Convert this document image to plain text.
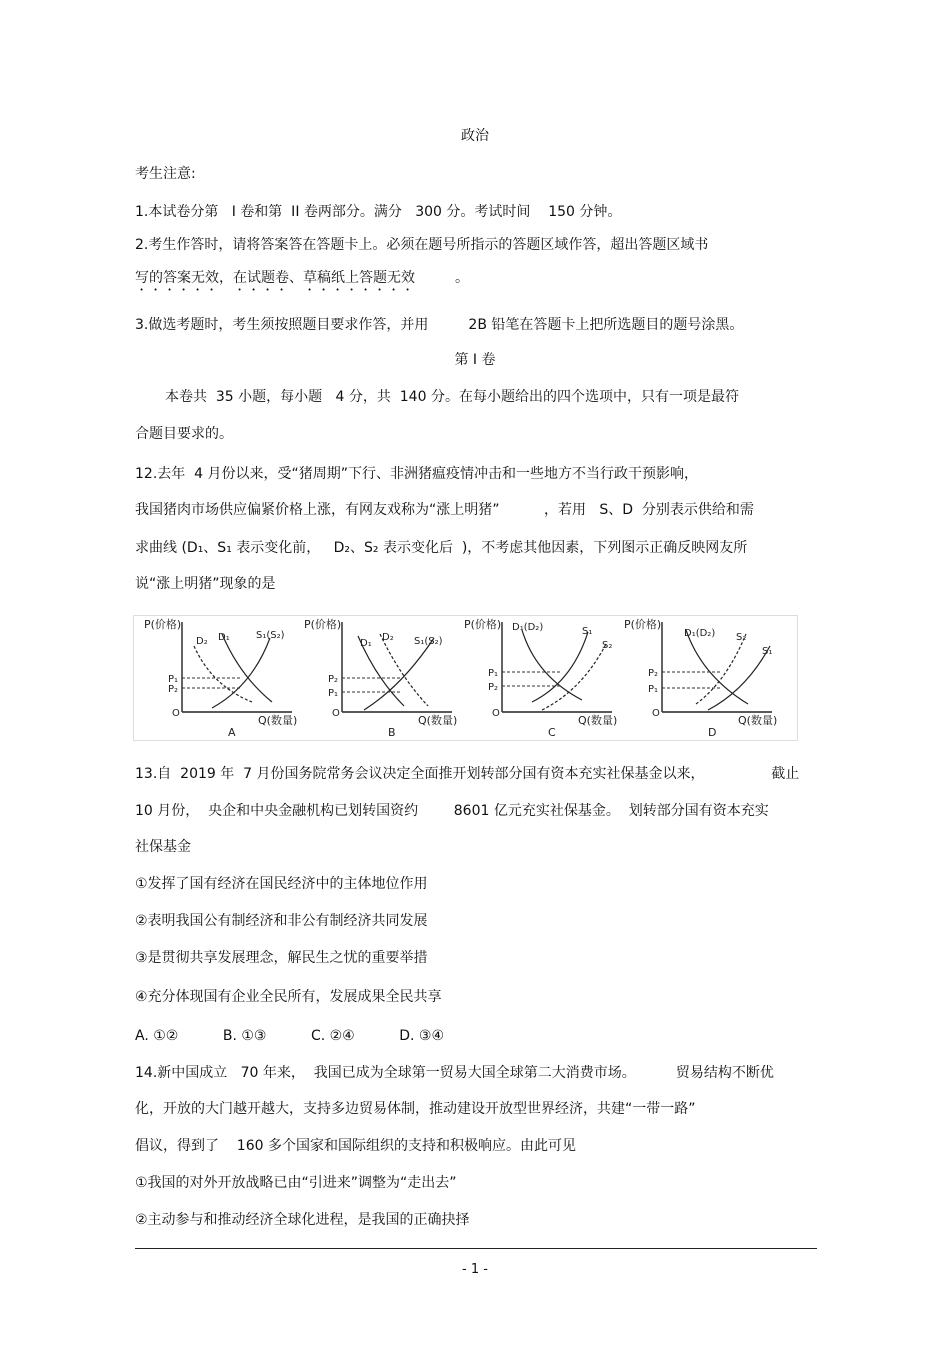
政治
考生注意:
1.本试卷分第   I 卷和第  II 卷两部分。满分   300 分。考试时间    150 分钟。
2.考生作答时，请将答案答在答题卡上。必须在题号所指示的答题区域作答，超出答题区域书
写的答案无效，在试题卷、草稿纸上答题无效	。
3.做选考题时，考生须按照题目要求作答，并用         2B 铅笔在答题卡上把所选题目的题号涂黑。
第 I 卷
本卷共  35 小题，每小题   4 分，共  140 分。在每小题给出的四个选项中，只有一项是最符
合题目要求的。
12.去年  4 月份以来，受“猪周期”下行、非洲猪瘟疫情冲击和一些地方不当行政干预影响，
我国猪肉市场供应偏紧价格上涨，有网友戏称为“涨上明猪”          ，若用   S、D  分别表示供给和需
求曲线 (D₁、S₁ 表示变化前，   D₂、S₂ 表示变化后  )，不考虑其他因素，下列图示正确反映网友所
说“涨上明猪”现象的是
P(价格)
Q(数量)
O
A
P₁
P₂
D₂ D₁	S₁(S₂)
P(价格)
Q(数量)
O
B
P₂
P₁
D₁
D₂ S₁(S₂)
P(价格)
Q(数量)
O
C
P₁
P₂
D₁(D₂)	S₁
S₂
P(价格)
Q(数量)
O
D
P₂
P₁
D₁(D₂) S₂
S₁
13.自  2019 年  7 月份国务院常务会议决定全面推开划转部分国有资本充实社保基金以来，               截止
10 月份，  央企和中央金融机构已划转国资约        8601 亿元充实社保基金。  划转部分国有资本充实
社保基金
①发挥了国有经济在国民经济中的主体地位作用
②表明我国公有制经济和非公有制经济共同发展
③是贯彻共享发展理念，解民生之忧的重要举措
④充分体现国有企业全民所有，发展成果全民共享
A. ①②          B. ①③          C. ②④          D. ③④
14.新中国成立   70 年来，  我国已成为全球第一贸易大国全球第二大消费市场。         贸易结构不断优
化，开放的大门越开越大，支持多边贸易体制，推动建设开放型世界经济，共建“一带一路”
倡议，得到了    160 多个国家和国际组织的支持和积极响应。由此可见
①我国的对外开放战略已由“引进来”调整为“走出去”
②主动参与和推动经济全球化进程，是我国的正确抉择
- 1 -
